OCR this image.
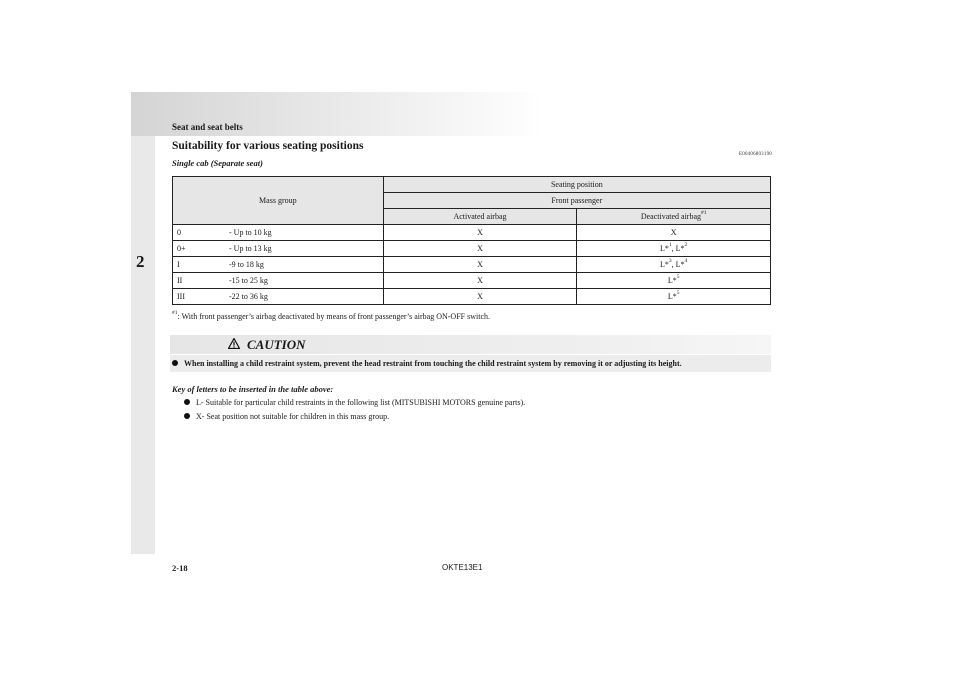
Seat and seat belts
2
Suitability for various seating positions
E00406803190
Single cab (Separate seat)
Mass group	Seating position	
	Front passenger	
	Activated airbag	Deactivated airbag$^{\#1}$
0 - Up to 10 kg	X	X
0+ - Up to 13 kg	X	L*$^1$, L*$^2$
I -9 to 18 kg	X	L*$^3$, L*$^4$
II -15 to 25 kg	X	L*$^5$
III -22 to 36 kg	X	L*$^5$
$^{\#1}$: With front passenger’s airbag deactivated by means of front passenger’s airbag ON-OFF switch.
CAUTION
When installing a child restraint system, prevent the head restraint from touching the child restraint system by removing it or adjusting its height.
Key of letters to be inserted in the table above:
L- Suitable for particular child restraints in the following list (MITSUBISHI MOTORS genuine parts).
X- Seat position not suitable for children in this mass group.
2-18	OKTE13E1
